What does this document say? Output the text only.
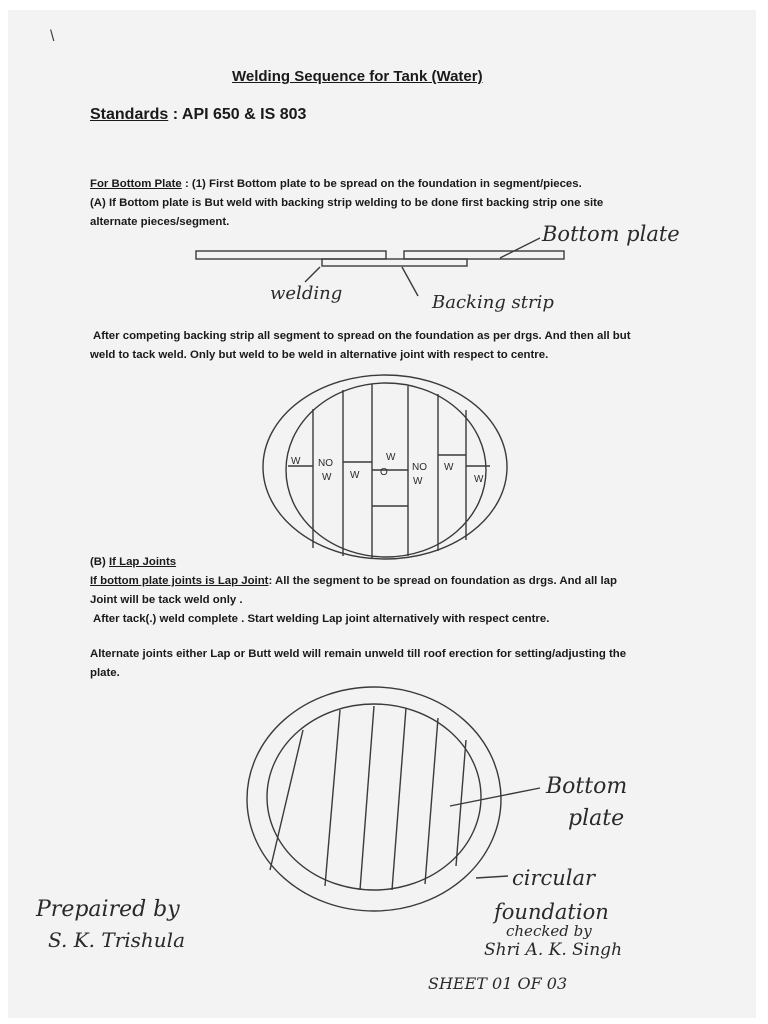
\
Welding Sequence for Tank (Water)
Standards : API 650 & IS 803
For Bottom Plate : (1) First Bottom plate to be spread on the foundation in segment/pieces.
(A) If Bottom plate is But weld with backing strip welding to be done first backing strip one site
alternate pieces/segment.	Bottom plate
welding	Backing strip
After competing backing strip all segment to spread on the foundation as per drgs. And then all but
weld to tack weld. Only but weld to be weld in alternative joint with respect to centre.
W NO
W W
W
O NO
W
W
W
(B) If Lap Joints
If bottom plate joints is Lap Joint: All the segment to be spread on foundation as drgs. And all lap
Joint will be tack weld only .
After tack(.) weld complete . Start welding Lap joint alternatively with respect centre.
Alternate joints either Lap or Butt weld will remain unweld till roof erection for setting/adjusting the
plate.
Bottom
plate
circular
foundation
Prepaired by
S. K. Trishula	checked by
Shri A. K. Singh
SHEET 01 OF 03
